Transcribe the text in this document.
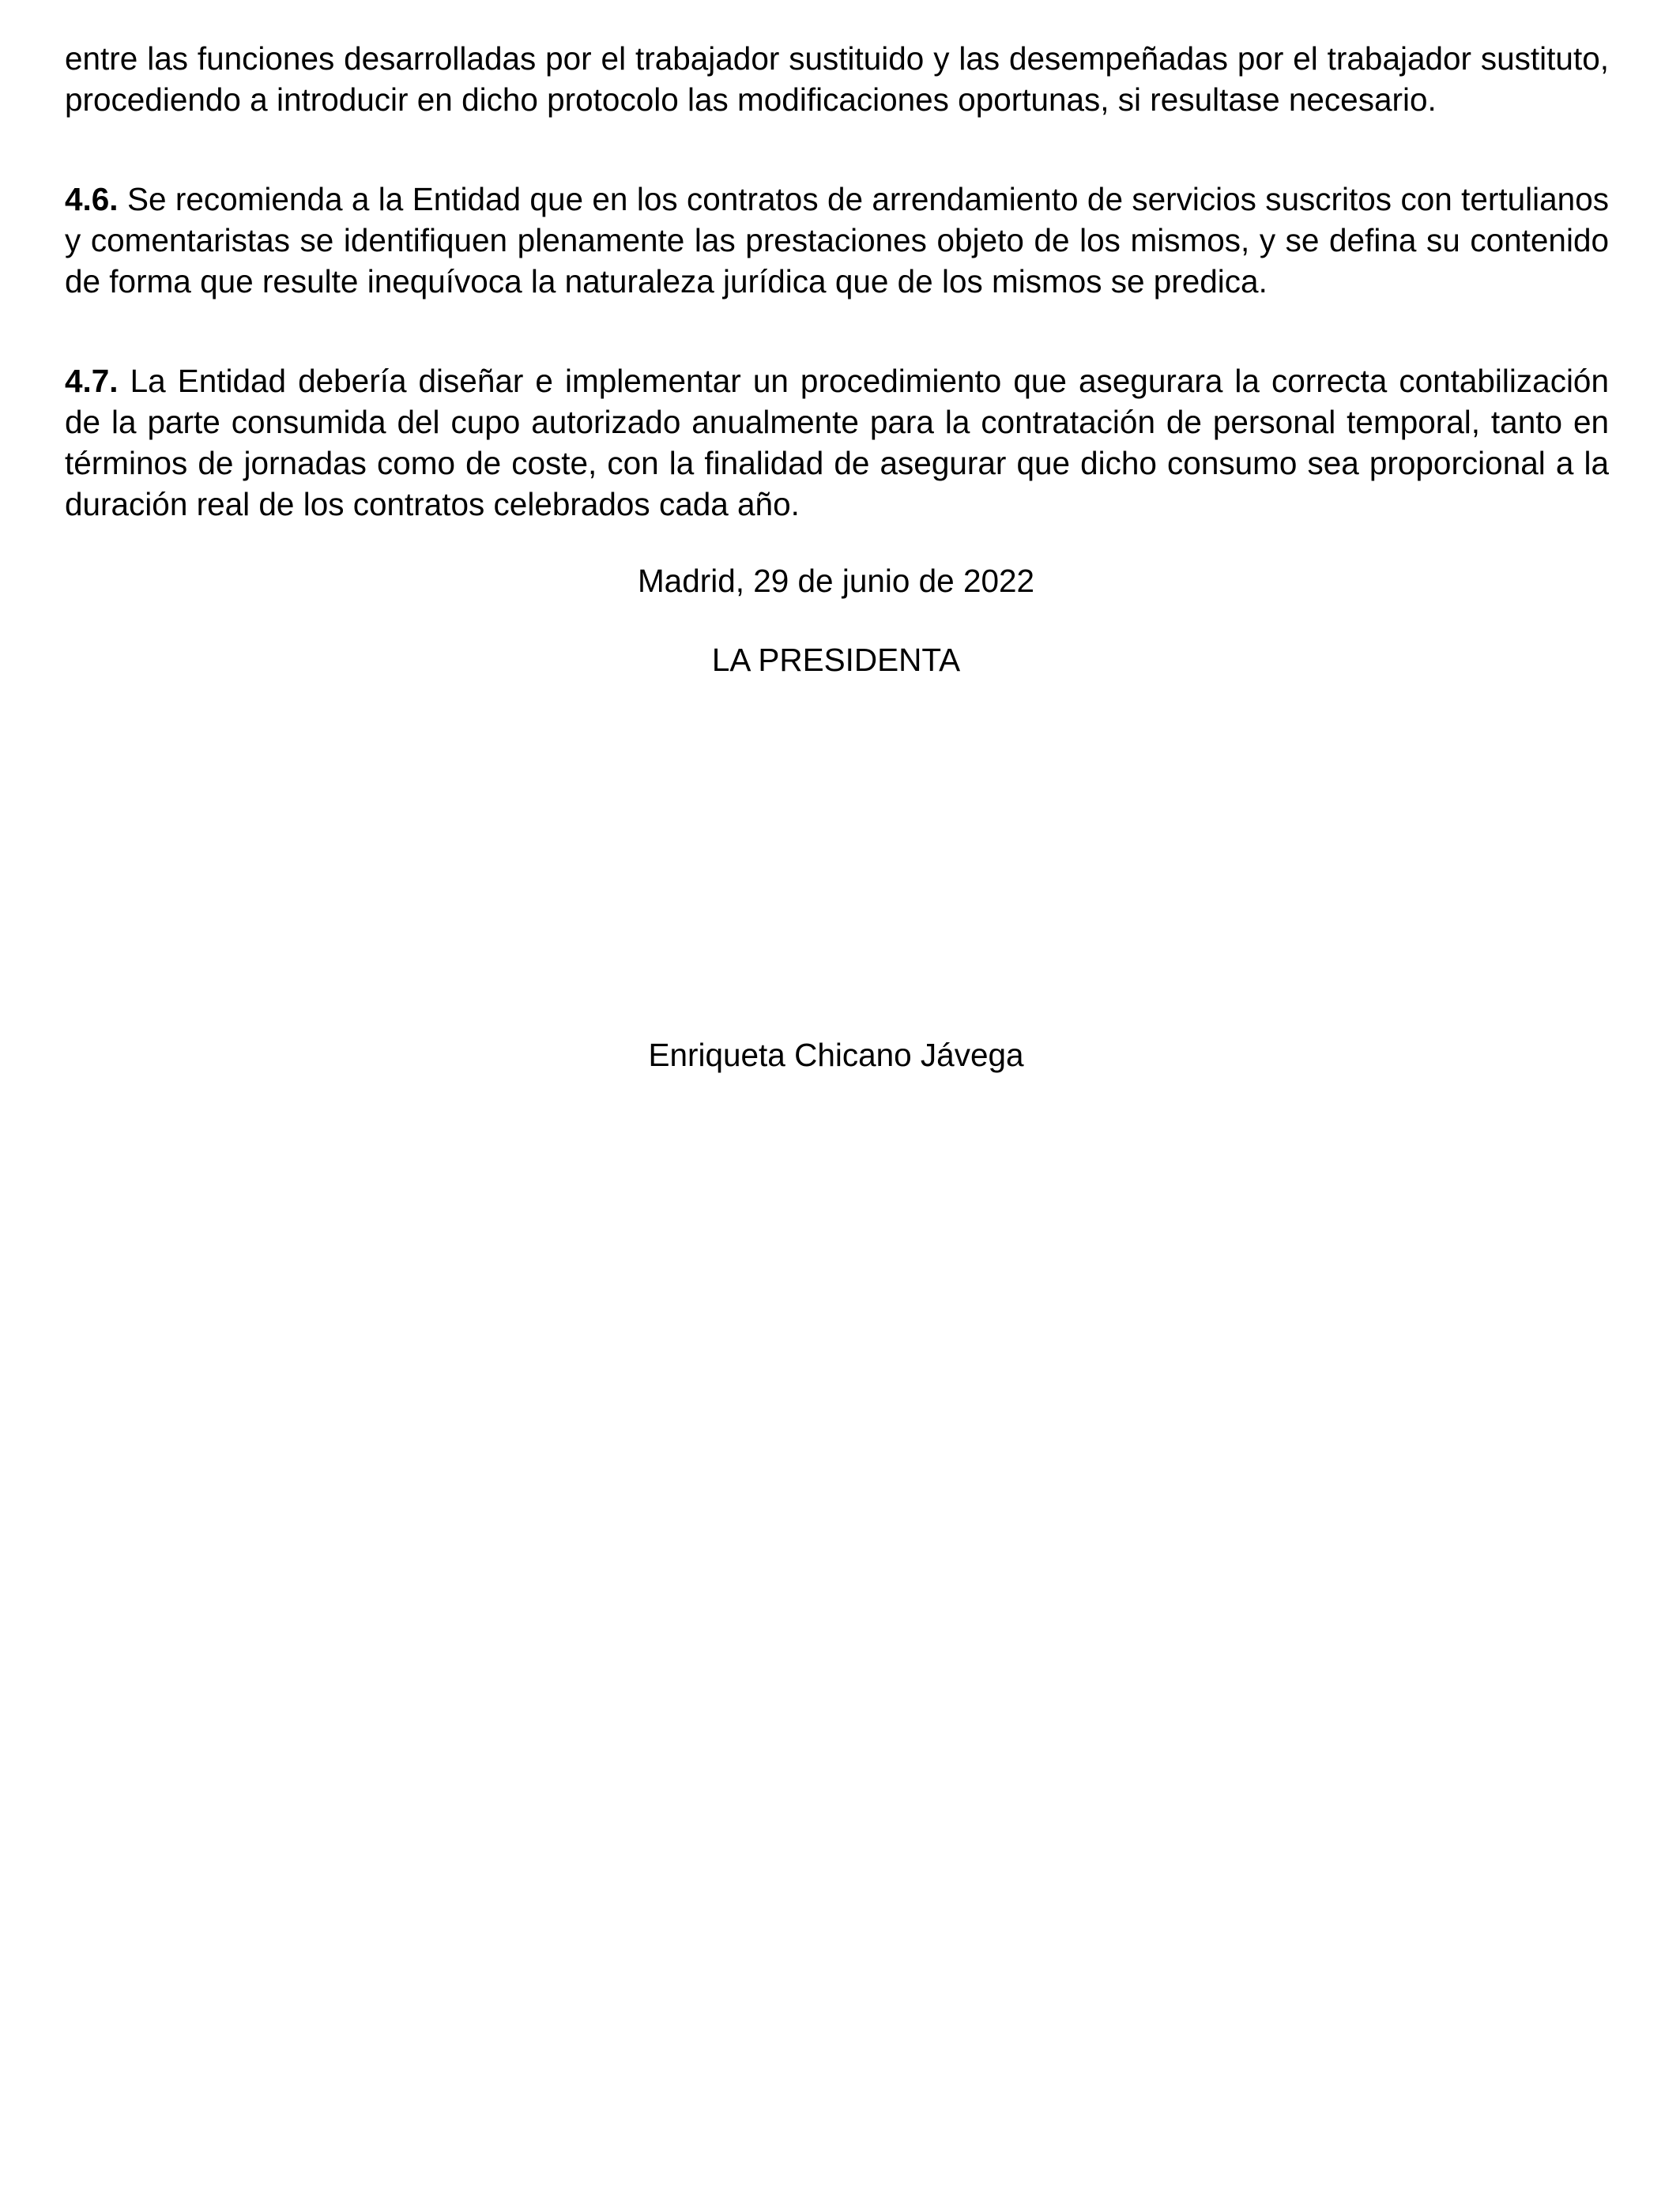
entre las funciones desarrolladas por el trabajador sustituido y las desempeñadas por el trabajador sustituto, procediendo a introducir en dicho protocolo las modificaciones oportunas, si resultase necesario.

4.6. Se recomienda a la Entidad que en los contratos de arrendamiento de servicios suscritos con tertulianos y comentaristas se identifiquen plenamente las prestaciones objeto de los mismos, y se defina su contenido de forma que resulte inequívoca la naturaleza jurídica que de los mismos se predica.

4.7. La Entidad debería diseñar e implementar un procedimiento que asegurara la correcta contabilización de la parte consumida del cupo autorizado anualmente para la contratación de personal temporal, tanto en términos de jornadas como de coste, con la finalidad de asegurar que dicho consumo sea proporcional a la duración real de los contratos celebrados cada año.

Madrid, 29 de junio de 2022

LA PRESIDENTA

Enriqueta Chicano Jávega
